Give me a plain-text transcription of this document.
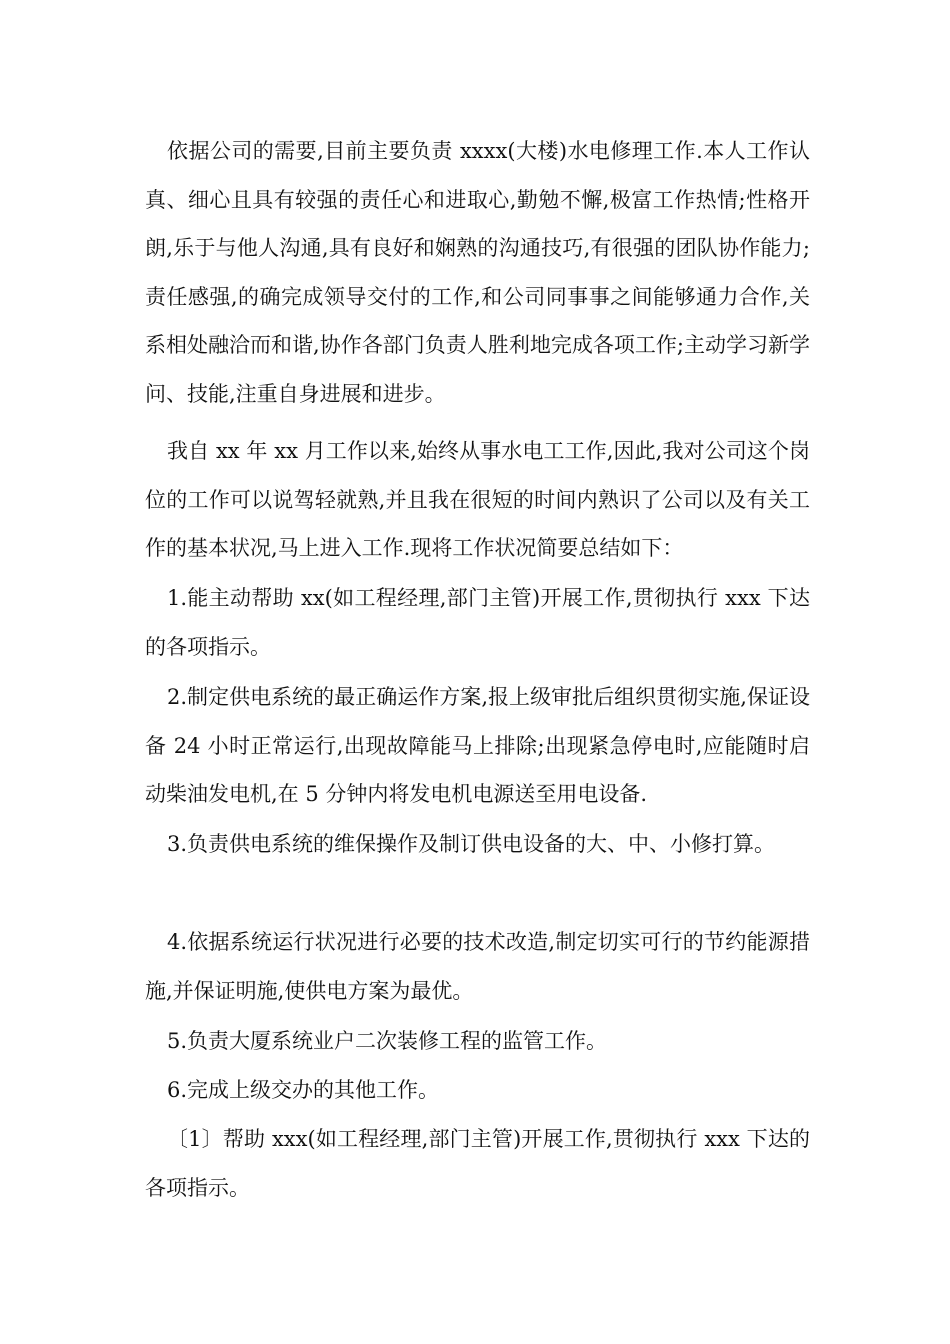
依据公司的需要,目前主要负责 xxxx(大楼)水电修理工作.本人工作认真、细心且具有较强的责任心和进取心,勤勉不懈,极富工作热情;性格开朗,乐于与他人沟通,具有良好和娴熟的沟通技巧,有很强的团队协作能力;责任感强,的确完成领导交付的工作,和公司同事事之间能够通力合作,关系相处融洽而和谐,协作各部门负责人胜利地完成各项工作;主动学习新学问、技能,注重自身进展和进步。

我自 xx 年 xx 月工作以来,始终从事水电工工作,因此,我对公司这个岗位的工作可以说驾轻就熟,并且我在很短的时间内熟识了公司以及有关工作的基本状况,马上进入工作.现将工作状况简要总结如下：

1.能主动帮助 xx(如工程经理,部门主管)开展工作,贯彻执行 xxx 下达的各项指示。

2.制定供电系统的最正确运作方案,报上级审批后组织贯彻实施,保证设备 24 小时正常运行,出现故障能马上排除;出现紧急停电时,应能随时启动柴油发电机,在 5 分钟内将发电机电源送至用电设备.

3.负责供电系统的维保操作及制订供电设备的大、中、小修打算。

4.依据系统运行状况进行必要的技术改造,制定切实可行的节约能源措施,并保证明施,使供电方案为最优。

5.负责大厦系统业户二次装修工程的监管工作。

6.完成上级交办的其他工作。

〔1〕帮助 xxx(如工程经理,部门主管)开展工作,贯彻执行 xxx 下达的各项指示。
